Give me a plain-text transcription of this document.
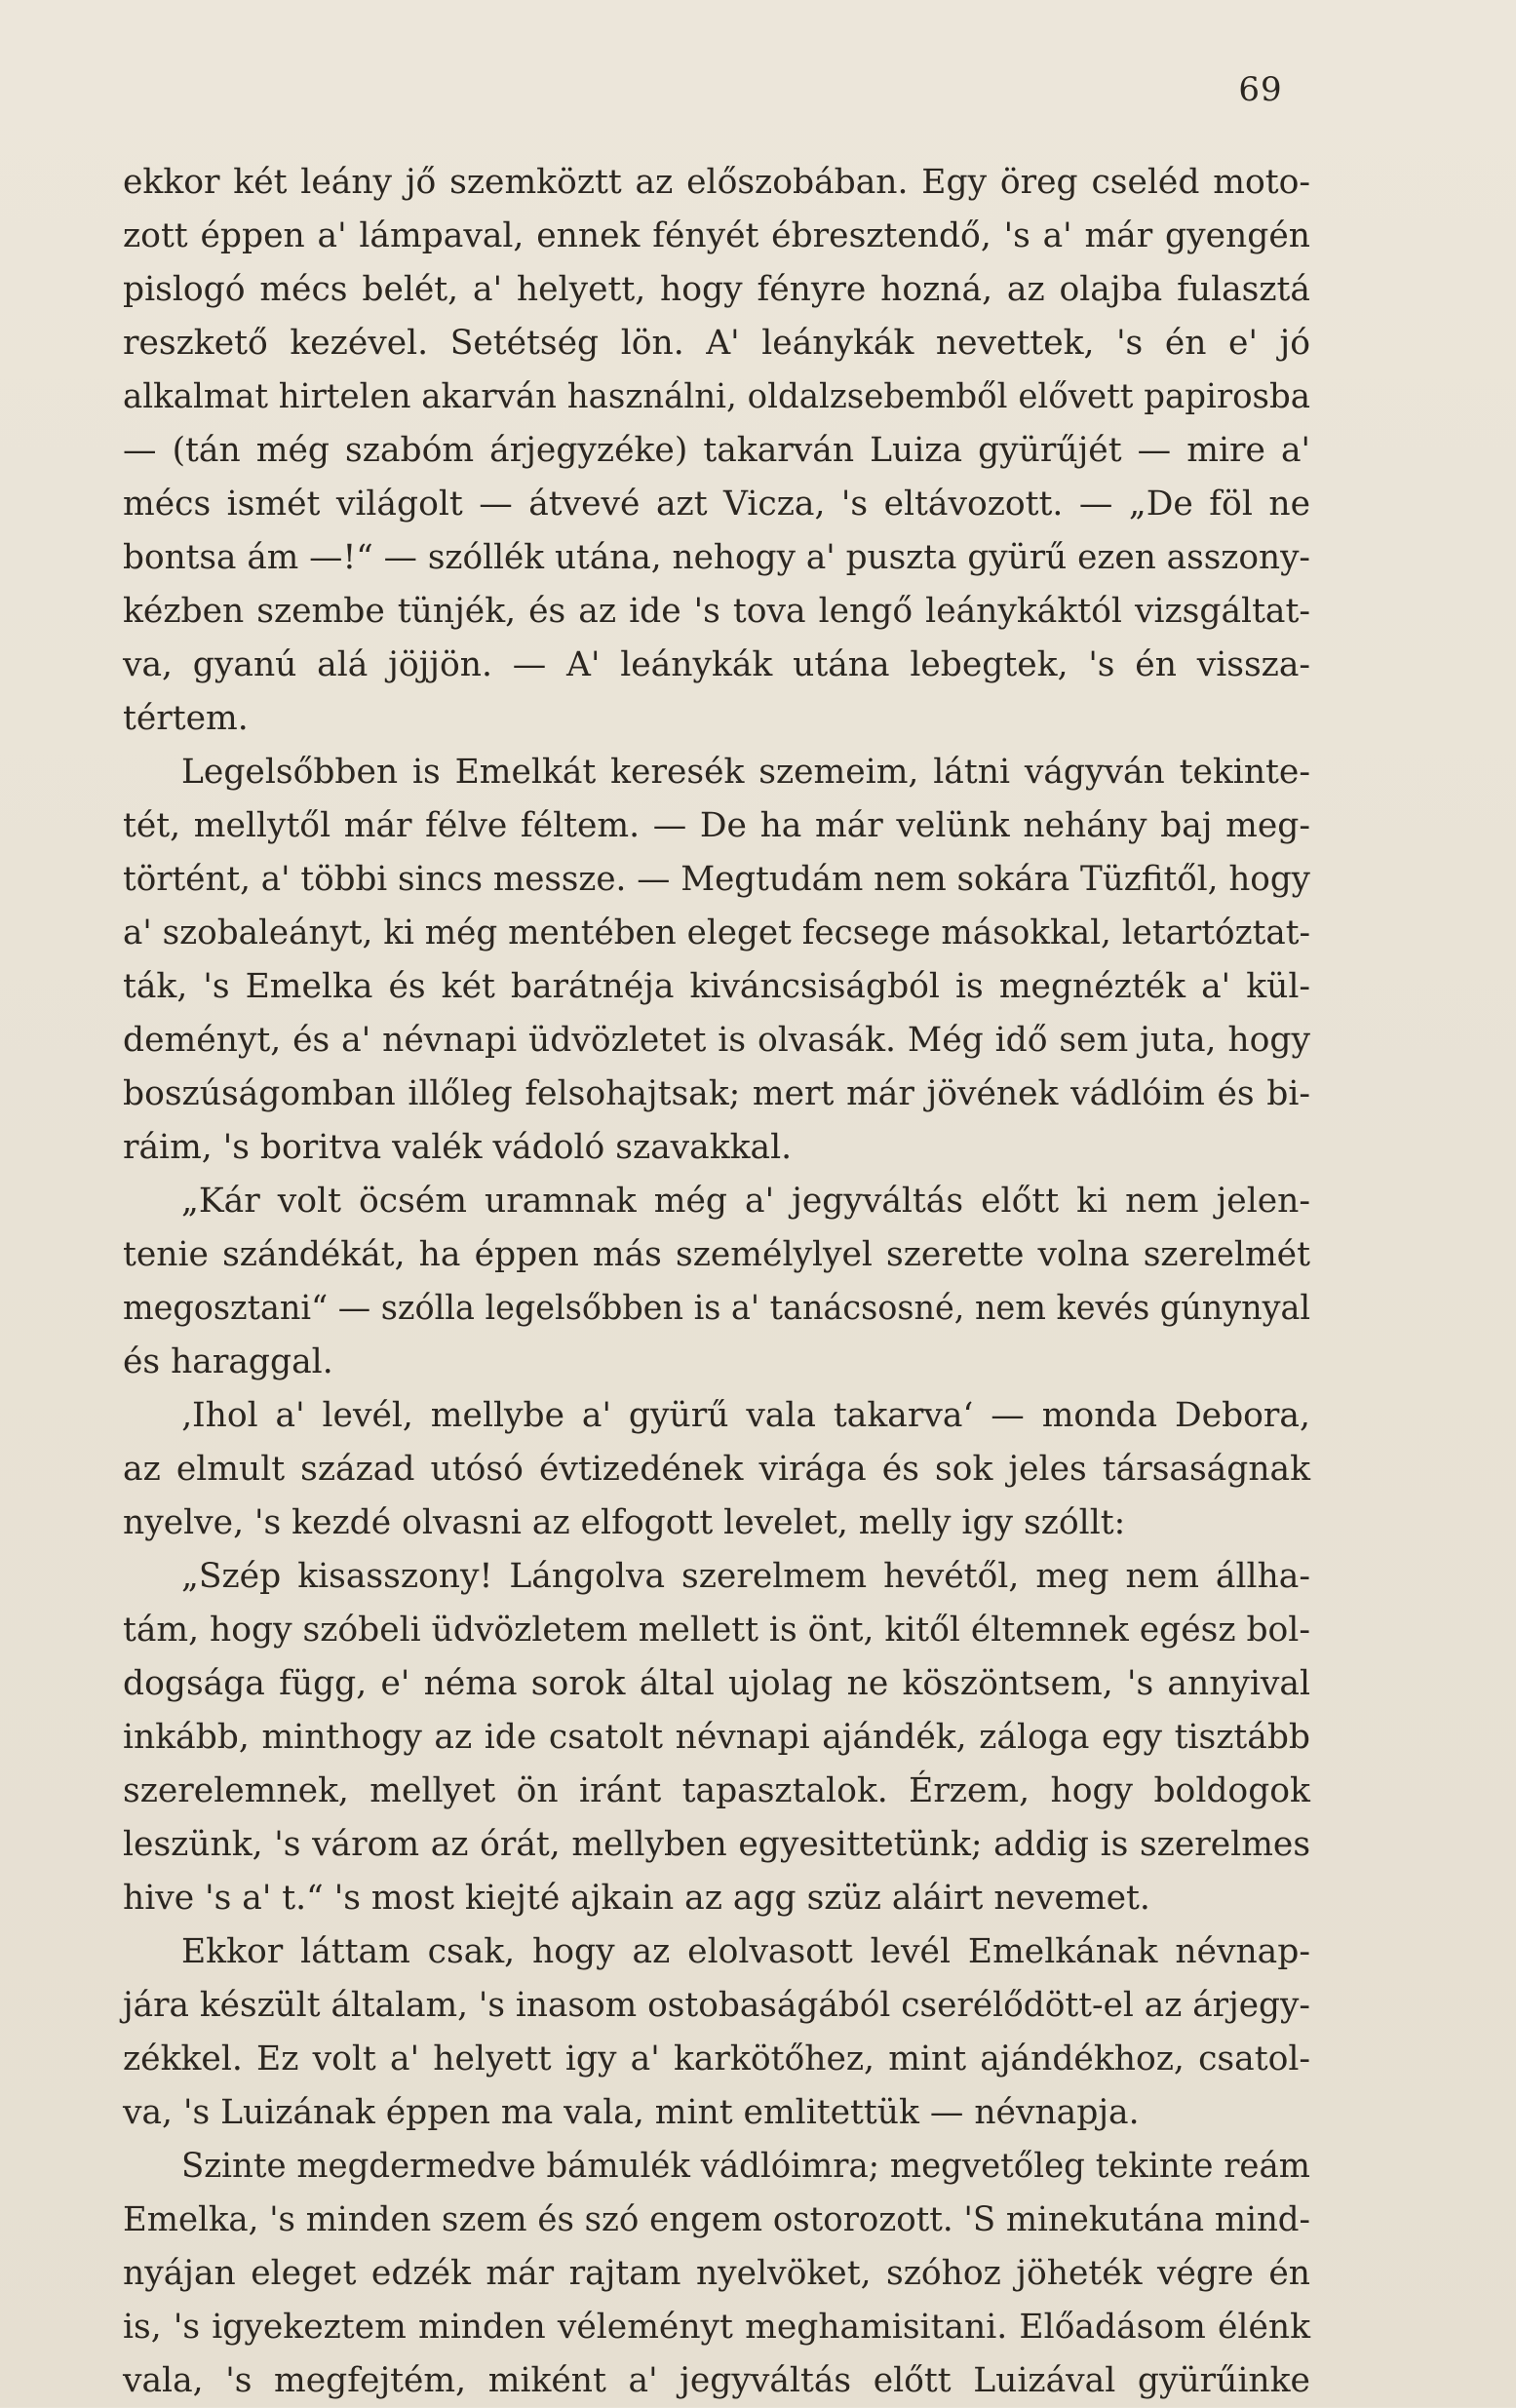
69
ekkor két leány jő szemköztt az előszobában. Egy öreg cseléd moto-
zott éppen a' lámpaval, ennek fényét ébresztendő, 's a' már gyengén
pislogó mécs belét, a' helyett, hogy fényre hozná, az olajba fulasztá
reszkető kezével. Setétség lön. A' leánykák nevettek, 's én e' jó
alkalmat hirtelen akarván használni, oldalzsebemből elővett papirosba
— (tán még szabóm árjegyzéke) takarván Luiza gyürűjét — mire a'
mécs ismét világolt — átvevé azt Vicza, 's eltávozott. — „De föl ne
bontsa ám —!“ — szóllék utána, nehogy a' puszta gyürű ezen asszony-
kézben szembe tünjék, és az ide 's tova lengő leánykáktól vizsgáltat-
va, gyanú alá jöjjön. — A' leánykák utána lebegtek, 's én vissza-
tértem.
Legelsőbben is Emelkát keresék szemeim, látni vágyván tekinte-
tét, mellytől már félve féltem. — De ha már velünk nehány baj meg-
történt, a' többi sincs messze. — Megtudám nem sokára Tüzfitől, hogy
a' szobaleányt, ki még mentében eleget fecsege másokkal, letartóztat-
ták, 's Emelka és két barátnéja kiváncsiságból is megnézték a' kül-
deményt, és a' névnapi üdvözletet is olvasák. Még idő sem juta, hogy
boszúságomban illőleg felsohajtsak; mert már jövének vádlóim és bi-
ráim, 's boritva valék vádoló szavakkal.
„Kár volt öcsém uramnak még a' jegyváltás előtt ki nem jelen-
tenie szándékát, ha éppen más személylyel szerette volna szerelmét
megosztani“ — szólla legelsőbben is a' tanácsosné, nem kevés gúnynyal
és haraggal.
‚Ihol a' levél, mellybe a' gyürű vala takarva‘ — monda Debora,
az elmult század utósó évtizedének virága és sok jeles társaságnak
nyelve, 's kezdé olvasni az elfogott levelet, melly igy szóllt:
„Szép kisasszony! Lángolva szerelmem hevétől, meg nem állha-
tám, hogy szóbeli üdvözletem mellett is önt, kitől éltemnek egész bol-
dogsága függ, e' néma sorok által ujolag ne köszöntsem, 's annyival
inkább, minthogy az ide csatolt névnapi ajándék, záloga egy tisztább
szerelemnek, mellyet ön iránt tapasztalok. Érzem, hogy boldogok
leszünk, 's várom az órát, mellyben egyesittetünk; addig is szerelmes
hive 's a' t.“ 's most kiejté ajkain az agg szüz aláirt nevemet.
Ekkor láttam csak, hogy az elolvasott levél Emelkának névnap-
jára készült általam, 's inasom ostobaságából cserélődött-el az árjegy-
zékkel. Ez volt a' helyett igy a' karkötőhez, mint ajándékhoz, csatol-
va, 's Luizának éppen ma vala, mint emlitettük — névnapja.
Szinte megdermedve bámulék vádlóimra; megvetőleg tekinte reám
Emelka, 's minden szem és szó engem ostorozott. 'S minekutána mind-
nyájan eleget edzék már rajtam nyelvöket, szóhoz jöheték végre én
is, 's igyekeztem minden véleményt meghamisitani. Előadásom élénk
vala, 's megfejtém, miként a' jegyváltás előtt Luizával gyürűinke
